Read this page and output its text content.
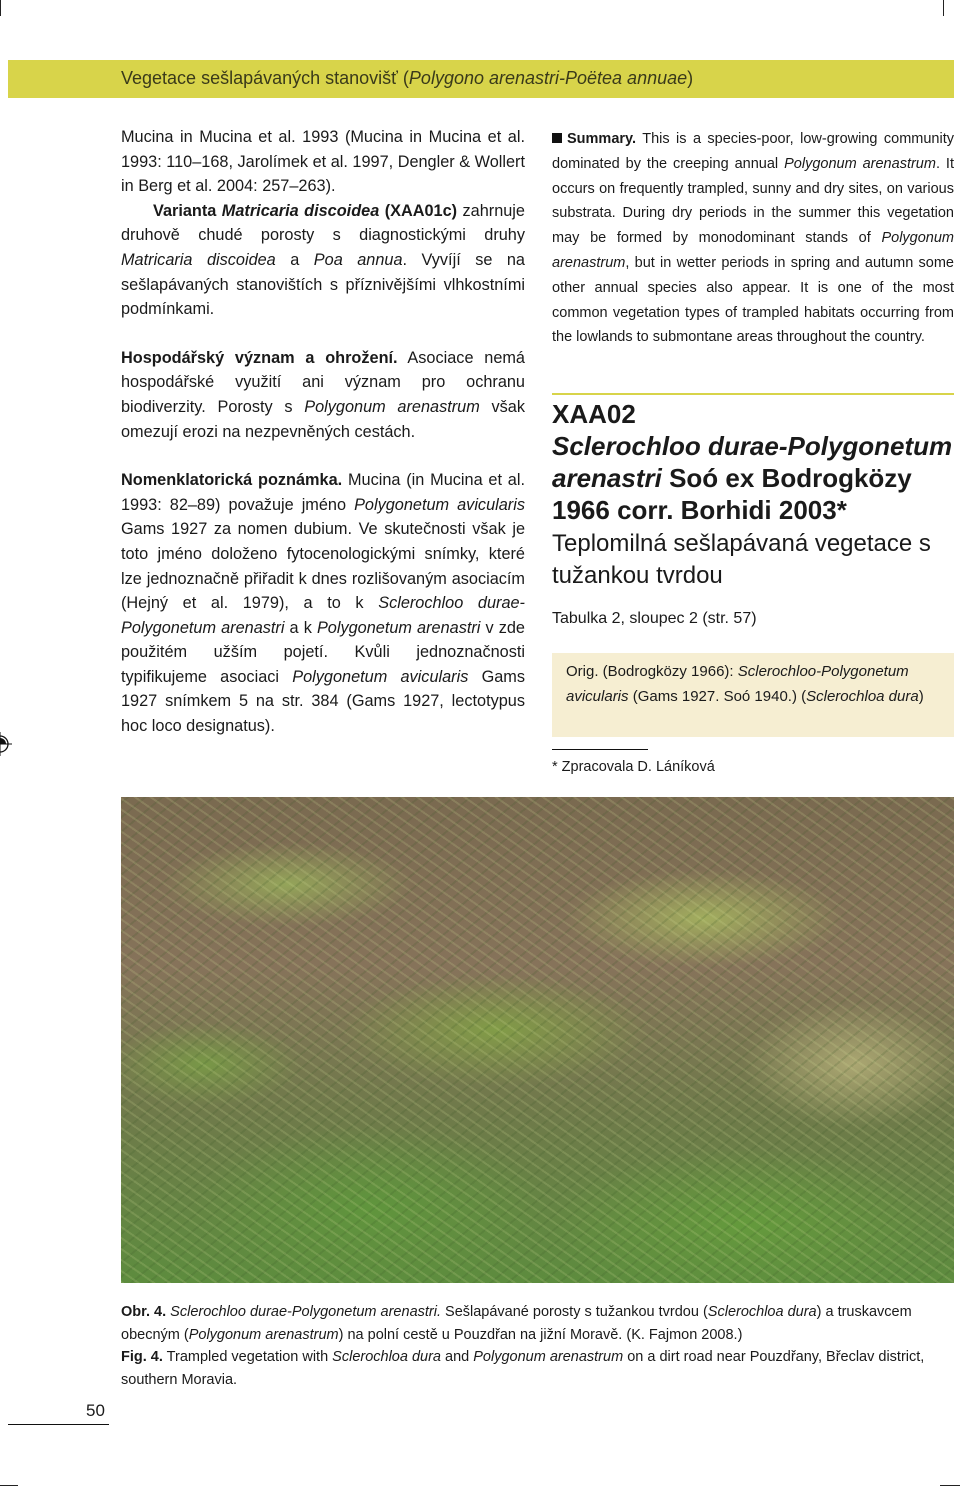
Vegetace sešlapávaných stanovišť (Polygono arenastri-Poëtea annuae)

Mucina in Mucina et al. 1993 (Mucina in Mucina et al. 1993: 110–168, Jarolímek et al. 1997, Dengler & Wollert in Berg et al. 2004: 257–263).

Varianta Matricaria discoidea (XAA01c) zahrnuje druhově chudé porosty s diagnostickými druhy Matricaria discoidea a Poa annua. Vyvíjí se na sešlapávaných stanovištích s příznivějšími vlhkostními podmínkami.

Hospodářský význam a ohrožení. Asociace nemá hospodářské využití ani význam pro ochranu biodiverzity. Porosty s Polygonum arenastrum však omezují erozi na nezpevněných cestách.

Nomenklatorická poznámka. Mucina (in Mucina et al. 1993: 82–89) považuje jméno Polygonetum avicularis Gams 1927 za nomen dubium. Ve skutečnosti však je toto jméno doloženo fytocenologickými snímky, které lze jednoznačně přiřadit k dnes rozlišovaným asociacím (Hejný et al. 1979), a to k Sclerochloo durae-Polygonetum arenastri a k Polygonetum arenastri v zde použitém užším pojetí. Kvůli jednoznačnosti typifikujeme asociaci Polygonetum avicularis Gams 1927 snímkem 5 na str. 384 (Gams 1927, lectotypus hoc loco designatus).

Summary. This is a species-poor, low-growing community dominated by the creeping annual Polygonum arenastrum. It occurs on frequently trampled, sunny and dry sites, on various substrata. During dry periods in the summer this vegetation may be formed by monodominant stands of Polygonum arenastrum, but in wetter periods in spring and autumn some other annual species also appear. It is one of the most common vegetation types of trampled habitats occurring from the lowlands to submontane areas throughout the country.
XAA02
Sclerochloo durae-Polygonetum arenastri Soó ex Bodrogközy 1966 corr. Borhidi 2003*
Teplomilná sešlapávaná vegetace s tužankou tvrdou
Tabulka 2, sloupec 2 (str. 57)
Orig. (Bodrogközy 1966): Sclerochloo-Polygonetum avicularis (Gams 1927. Soó 1940.) (Sclerochloa dura)
* Zpracovala D. Láníková

Obr. 4. Sclerochloo durae-Polygonetum arenastri. Sešlapávané porosty s tužankou tvrdou (Sclerochloa dura) a truskavcem obecným (Polygonum arenastrum) na polní cestě u Pouzdřan na jižní Moravě. (K. Fajmon 2008.)

Fig. 4. Trampled vegetation with Sclerochloa dura and Polygonum arenastrum on a dirt road near Pouzdřany, Břeclav district, southern Moravia.

50
